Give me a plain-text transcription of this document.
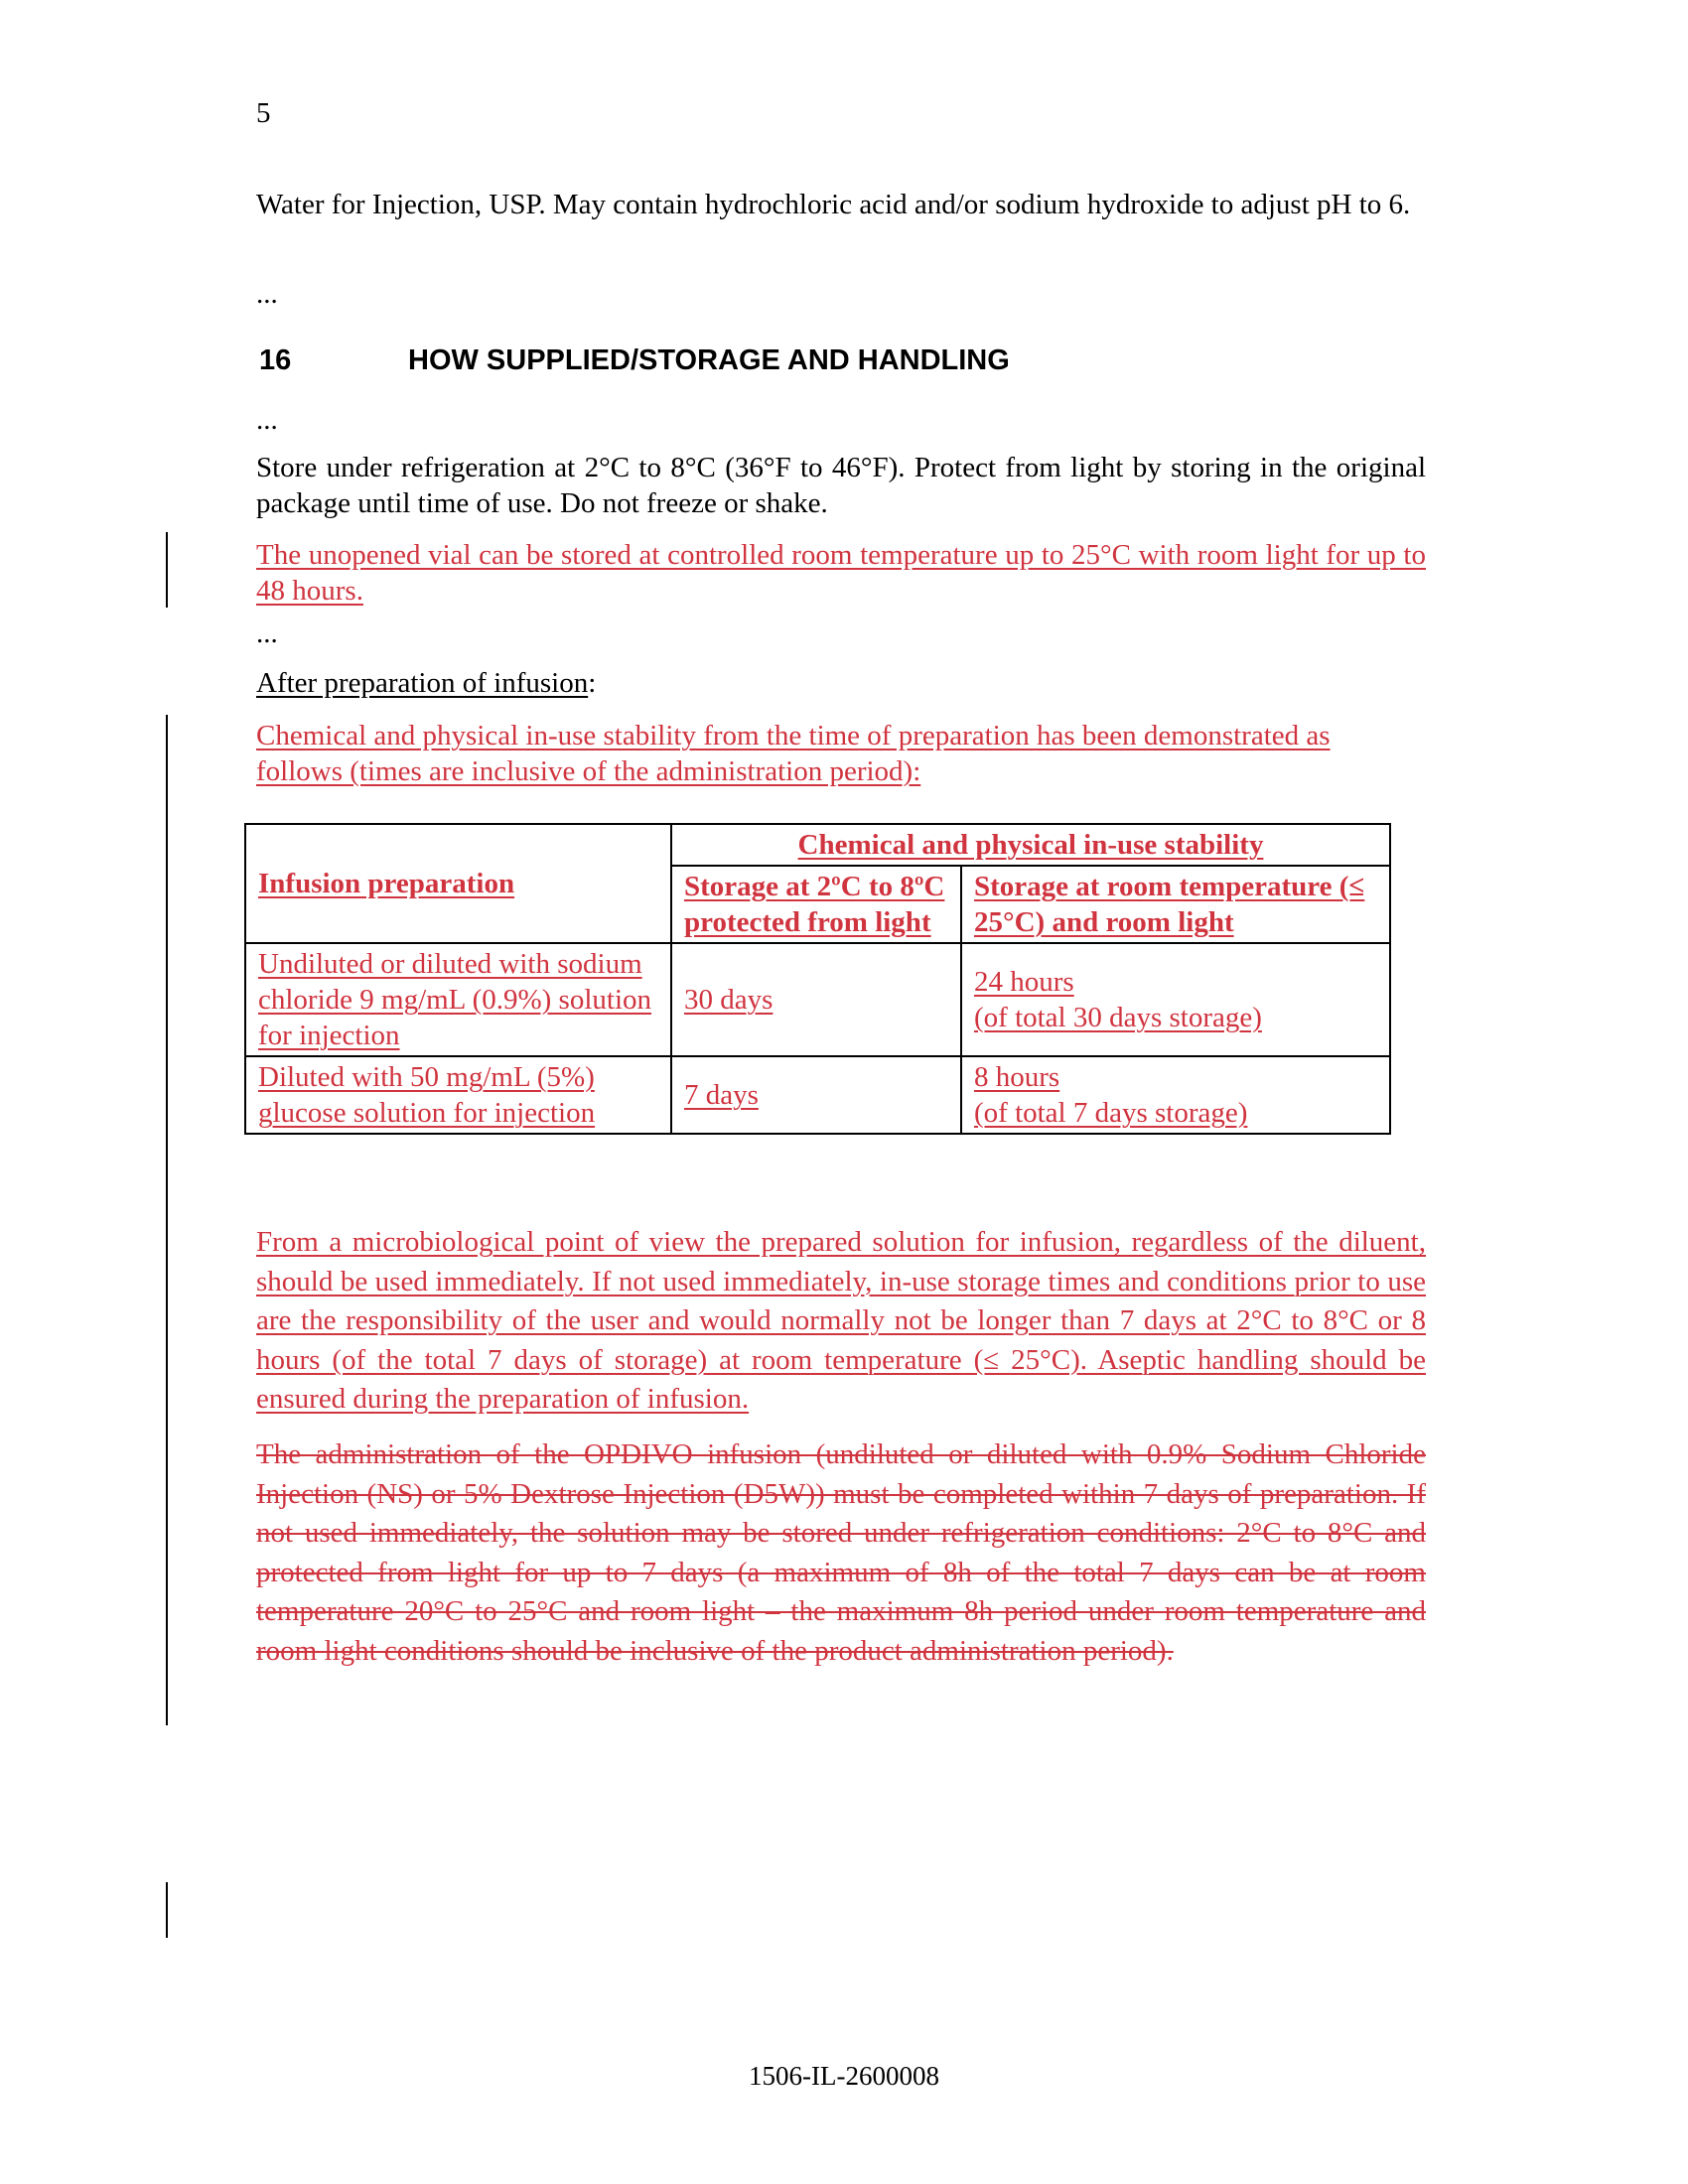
5
Water for Injection, USP. May contain hydrochloric acid and/or sodium hydroxide to adjust pH to 6.
...
16	HOW SUPPLIED/STORAGE AND HANDLING
...
Store under refrigeration at 2°C to 8°C (36°F to 46°F). Protect from light by storing in the original package until time of use. Do not freeze or shake.
The unopened vial can be stored at controlled room temperature up to 25°C with room light for up to 48 hours.
...
After preparation of infusion:
Chemical and physical in-use stability from the time of preparation has been demonstrated as follows (times are inclusive of the administration period):
Infusion preparation	Chemical and physical in-use stability	
	Storage at 2ºC to 8ºC protected from light	Storage at room temperature (≤ 25°C) and room light
Undiluted or diluted with sodium chloride 9 mg/mL (0.9%) solution for injection	30 days	24 hours
(of total 30 days storage)
Diluted with 50 mg/mL (5%) glucose solution for injection	7 days	8 hours
(of total 7 days storage)
From a microbiological point of view the prepared solution for infusion, regardless of the diluent, should be used immediately. If not used immediately, in-use storage times and conditions prior to use are the responsibility of the user and would normally not be longer than 7 days at 2°C to 8°C or 8 hours (of the total 7 days of storage) at room temperature (≤ 25°C). Aseptic handling should be ensured during the preparation of infusion.
The administration of the OPDIVO infusion (undiluted or diluted with 0.9% Sodium Chloride Injection (NS) or 5% Dextrose Injection (D5W)) must be completed within 7 days of preparation. If not used immediately, the solution may be stored under refrigeration conditions: 2°C to 8°C and protected from light for up to 7 days (a maximum of 8h of the total 7 days can be at room temperature 20°C to 25°C and room light – the maximum 8h period under room temperature and room light conditions should be inclusive of the product administration period).
1506-IL-2600008
